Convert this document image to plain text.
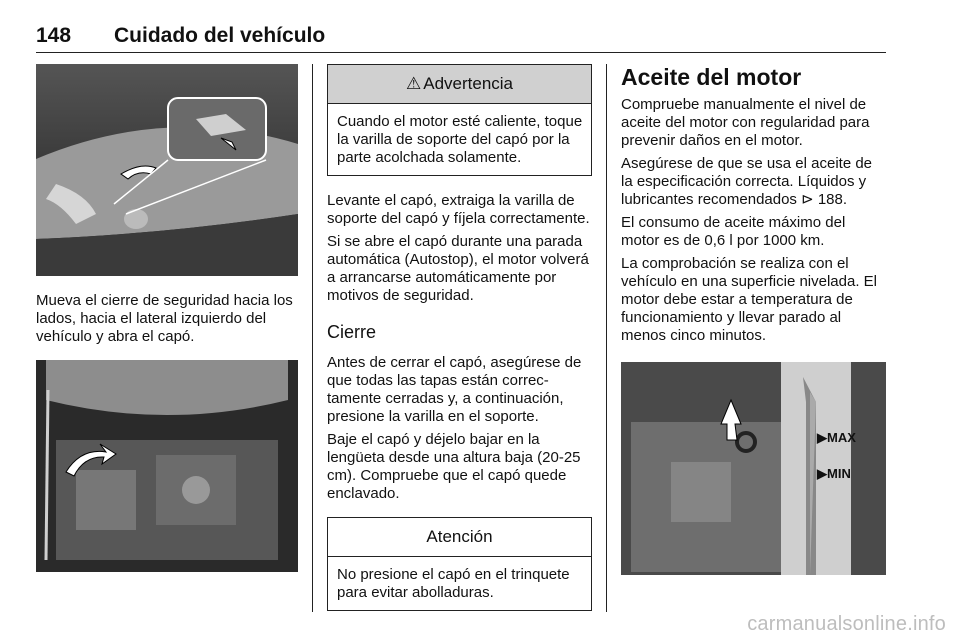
148 Cuidado del vehículo

Mueva el cierre de seguridad hacia los lados, hacia el lateral izquierdo del vehículo y abra el capó.

⚠ Advertencia

Cuando el motor esté caliente, toque la varilla de soporte del capó por la parte acolchada solamente.

Levante el capó, extraiga la varilla de soporte del capó y fíjela correctamente.

Si se abre el capó durante una parada automática (Autostop), el motor volverá a arrancarse automáticamente por motivos de seguridad.

Cierre

Antes de cerrar el capó, asegúrese de que todas las tapas están correctamente cerradas y, a continuación, presione la varilla en el soporte.

Baje el capó y déjelo bajar en la lengüeta desde una altura baja (20-25 cm). Compruebe que el capó quede enclavado.

Atención

No presione el capó en el trinquete para evitar abolladuras.

Aceite del motor

Compruebe manualmente el nivel de aceite del motor con regularidad para prevenir daños en el motor.

Asegúrese de que se usa el aceite de la especificación correcta. Líquidos y lubricantes recomendados ⊳ 188.

El consumo de aceite máximo del motor es de 0,6 l por 1000 km.

La comprobación se realiza con el vehículo en una superficie nivelada. El motor debe estar a temperatura de funcionamiento y llevar parado al menos cinco minutos.

▶MAX
▶MIN
carmanualsonline.info
